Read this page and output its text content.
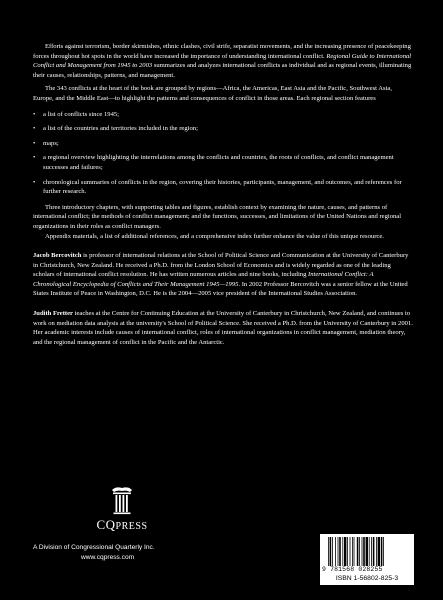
Efforts against terrorism, border skirmishes, ethnic clashes, civil strife, separatist movements, and the increasing presence of peacekeeping forces throughout hot spots in the world have increased the importance of understanding international conflict. Regional Guide to International Conflict and Management from 1945 to 2003 summarizes and analyzes international conflicts as individual and as regional events, illuminating their causes, relationships, patterns, and management.

The 343 conflicts at the heart of the book are grouped by regions—Africa, the Americas, East Asia and the Pacific, Southwest Asia, Europe, and the Middle East—to highlight the patterns and consequences of conflict in those areas. Each regional section features

• a list of conflicts since 1945;
• a list of the countries and territories included in the region;
• maps;
• a regional overview highlighting the interrelations among the conflicts and countries, the roots of conflicts, and conflict management successes and failures;
• chronological summaries of conflicts in the region, covering their histories, participants, management, and outcomes, and references for further research.

Three introductory chapters, with supporting tables and figures, establish context by examining the nature, causes, and patterns of international conflict; the methods of conflict management; and the functions, successes, and limitations of the United Nations and regional organizations in their roles as conflict managers.

Appendix materials, a list of additional references, and a comprehensive index further enhance the value of this unique resource.

Jacob Bercovitch is professor of international relations at the School of Political Science and Communication at the University of Canterbury in Christchurch, New Zealand. He received a Ph.D. from the London School of Economics and is widely regarded as one of the leading scholars of international conflict resolution. He has written numerous articles and nine books, including International Conflict: A Chronological Encyclopedia of Conflicts and Their Management 1945—1995. In 2002 Professor Bercovitch was a senior fellow at the United States Institute of Peace in Washington, D.C. He is the 2004—2005 vice president of the International Studies Association.

Judith Fretter teaches at the Centre for Continuing Education at the University of Canterbury in Christchurch, New Zealand, and continues to work on mediation data analysis at the university's School of Political Science. She received a Ph.D. from the University of Canterbury in 2001. Her academic interests include causes of international conflict, roles of international organizations in conflict management, mediation theory, and the regional management of conflict in the Pacific and the Antarctic.

CQPRESS
A Division of Congressional Quarterly Inc.
www.cqpress.com
9 781568 028255
ISBN 1-56802-825-3
